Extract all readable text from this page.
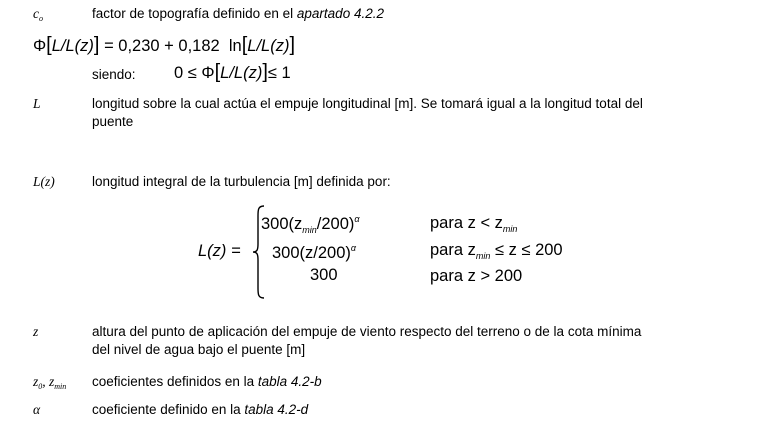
$c_o$	factor de topografía definido en el apartado 4.2.2
Φ[L/L(z)] = 0,230 + 0,182 ln[L/L(z)]
siendo: 0 ≤ Φ[L/L(z)]≤ 1
L	longitud sobre la cual actúa el empuje longitudinal [m]. Se tomará igual a la longitud total del
puente
L(z)	longitud integral de la turbulencia [m] definida por:
L(z) =
$300(z_{min}/200)^\alpha$
$300(z/200)^\alpha$
300
para $z < z_{min}$
para $z_{min} \le z \le 200$
para z > 200
z	altura del punto de aplicación del empuje de viento respecto del terreno o de la cota mínima
del nivel de agua bajo el puente [m]
$z_0$, $z_{min}$ coeficientes definidos en la tabla 4.2-b
α	coeficiente definido en la tabla 4.2-d
